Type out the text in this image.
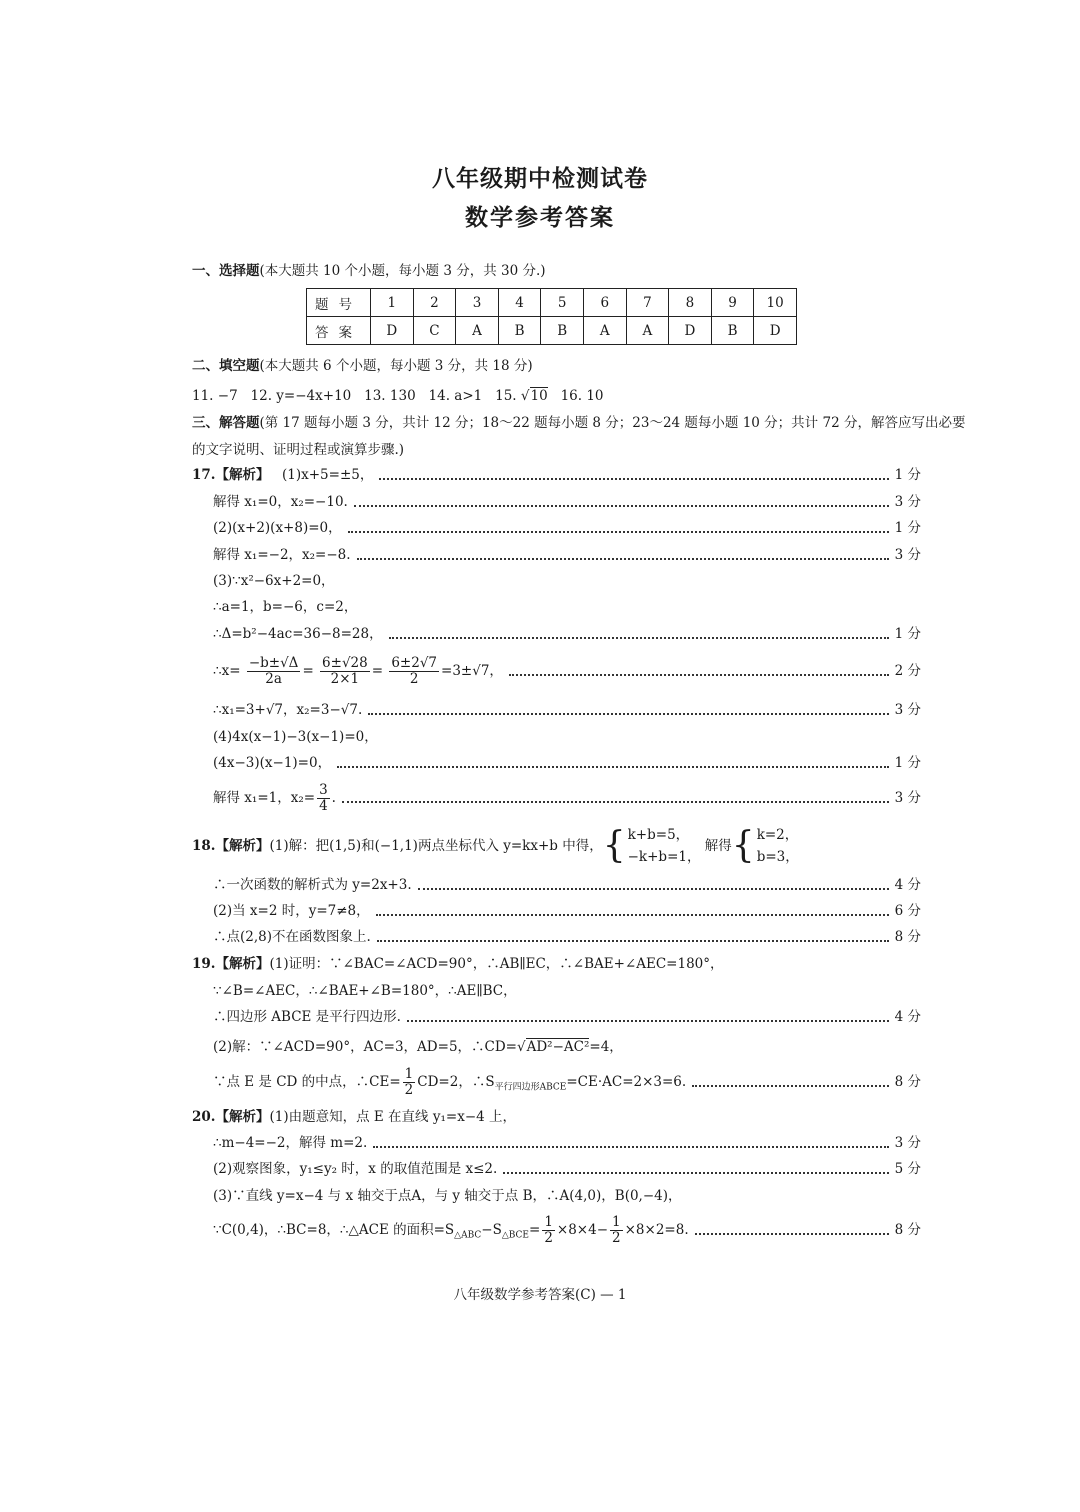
八年级期中检测试卷
数学参考答案
一、选择题(本大题共 10 个小题，每小题 3 分，共 30 分.)
题号	1	2	3	4	5	6	7	8	9	10
答案	D	C	A	B	B	A	A	D	B	D
二、填空题(本大题共 6 个小题，每小题 3 分，共 18 分)
11. −7 12. y=−4x+10 13. 130 14. a>1 15. √10 16. 10
三、解答题(第 17 题每小题 3 分，共计 12 分；18～22 题每小题 8 分；23～24 题每小题 10 分；共计 72 分，解答应写出必要
的文字说明、证明过程或演算步骤.)
17.【解析】 (1)x+5=±5，	1 分
解得 x₁=0，x₂=−10.	3 分
(2)(x+2)(x+8)=0，	1 分
解得 x₁=−2，x₂=−8.	3 分
(3)∵x²−6x+2=0，
∴a=1，b=−6，c=2，
∴Δ=b²−4ac=36−8=28，	1 分
∴x= $\frac{-b\pm√\Delta}{2a} = \frac{6\pm√28}{2\times 1} = \frac{6\pm 2√7}{2} =3\pm√7$，	2 分
∴x₁=3+√7，x₂=3−√7.	3 分
(4)4x(x−1)−3(x−1)=0，
(4x−3)(x−1)=0，	1 分
解得 x₁=1，$x_2= \frac{3}{4}$ .	3 分
18.【解析】 (1)解：把(1,5)和(−1,1)两点坐标代入 y=kx+b 中得， { k+b=5，
−k+b=1，

解得 { k=2，
b=3，
∴一次函数的解析式为 y=2x+3.	4 分
(2)当 x=2 时，y=7≠8，	6 分
∴点(2,8)不在函数图象上.	8 分
19.【解析】(1)证明：∵∠BAC=∠ACD=90°，∴AB∥EC，∴∠BAE+∠AEC=180°，
∵∠B=∠AEC，∴∠BAE+∠B=180°，∴AE∥BC，
∴四边形 ABCE 是平行四边形.	4 分
(2)解：∵∠ACD=90°，AC=3，AD=5，∴CD=√AD²−AC²=4，
∵点 E 是 CD 的中点，∴CE= $\frac{1}{2} CD=2$，$\therefore S_{平行四边形ABCE}=CE\cdot AC=2\times 3=6$.	8 分
20.【解析】(1)由题意知，点 E 在直线 y₁=x−4 上，
∴m−4=−2，解得 m=2.	3 分
(2)观察图象，y₁≤y₂ 时，x 的取值范围是 x≤2.	5 分
(3)∵直线 y=x−4 与 x 轴交于点A，与 y 轴交于点 B，∴A(4,0)，B(0,−4)，
∵C(0,4)，∴BC=8，∴△ACE 的面积$=S_{\triangle ABC}-S_{\triangle BCE}= \frac{1}{2} \times 8\times 4- \frac{1}{2} \times 8\times 2=8$.	8 分
八年级数学参考答案(C) — 1
